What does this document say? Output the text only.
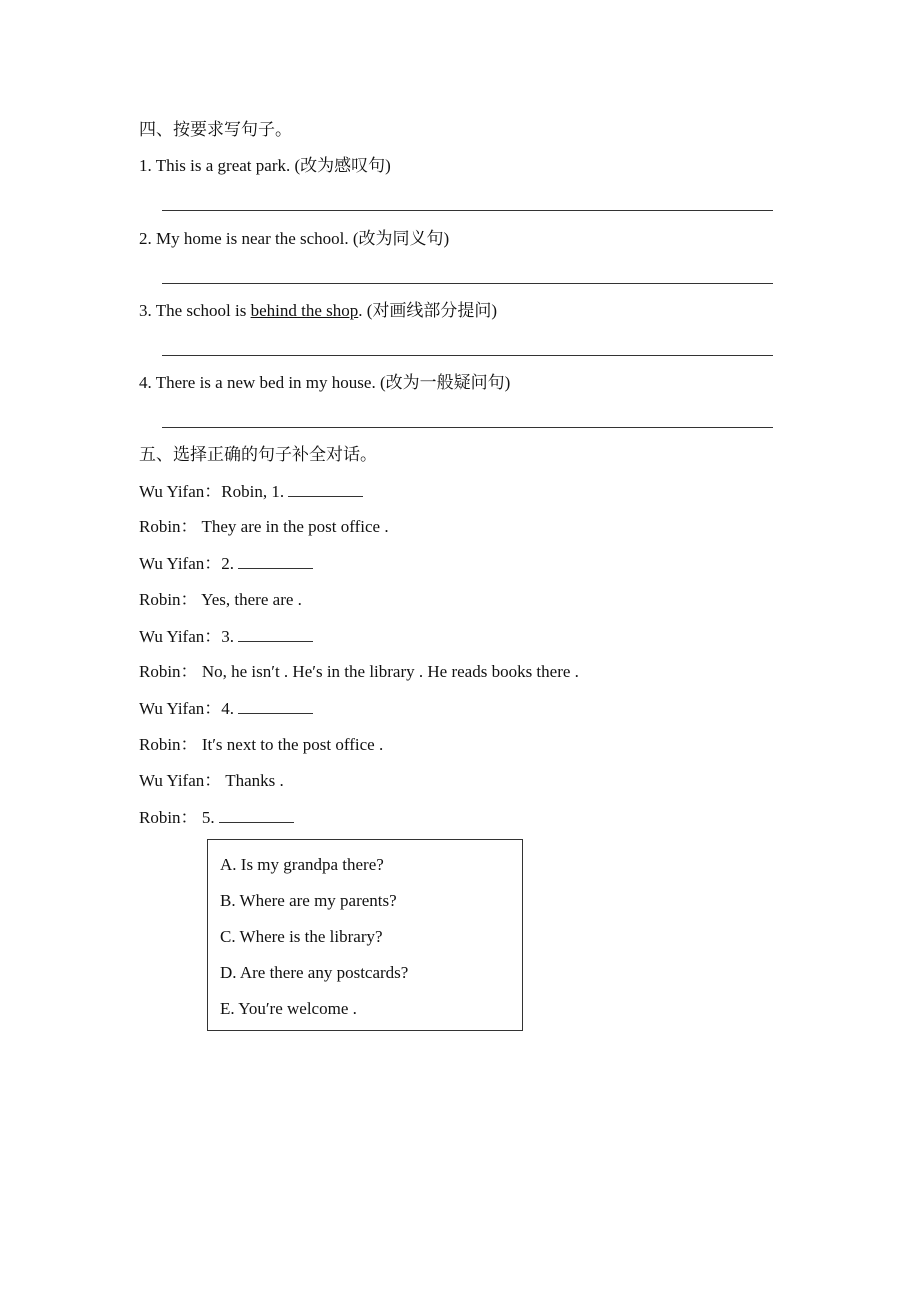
四、按要求写句子。
1. This is a great park. (改为感叹句)
2. My home is near the school. (改为同义句)
3. The school is behind the shop. (对画线部分提问)
4. There is a new bed in my house. (改为一般疑问句)
五、选择正确的句子补全对话。
Wu Yifan：Robin, 1.
Robin： They are in the post office .
Wu Yifan：2.
Robin： Yes, there are .
Wu Yifan：3.
Robin： No, he isn′t . He′s in the library . He reads books there .
Wu Yifan：4.
Robin： It′s next to the post office .
Wu Yifan： Thanks .
Robin： 5.
A. Is my grandpa there?
B. Where are my parents?
C. Where is the library?
D. Are there any postcards?
E. You′re welcome .
